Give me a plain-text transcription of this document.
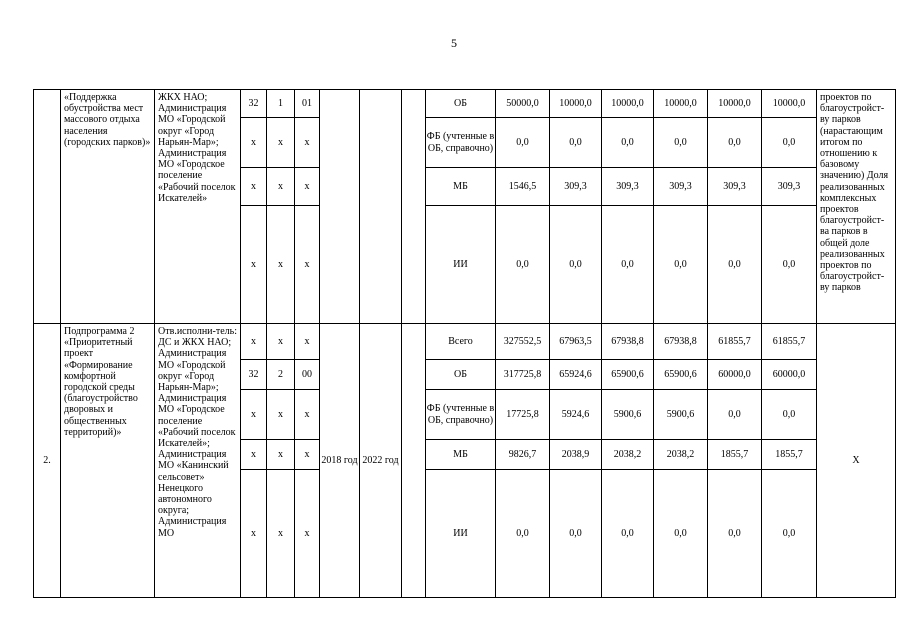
5
	«Поддержка обустройства мест массового отдыха населения (городских парков)»	ЖКХ НАО; Администрация МО «Городской округ «Город Нарьян-Мар»; Администрация МО «Городское поселение «Рабочий поселок Искателей»	32	1	01				ОБ	50000,0	10000,0	10000,0	10000,0	10000,0	10000,0	проектов по благоустройст-ву парков (нарастающим итогом по отношению к базовому значению) Доля реализованных комплексных проектов благоустройст-ва парков в общей доле реализованных проектов по благоустройст-ву парков
			x	x	x				ФБ (учтенные в ОБ, справочно)	0,0	0,0	0,0	0,0	0,0	0,0	
			x	x	x				МБ	1546,5	309,3	309,3	309,3	309,3	309,3	
			x	x	x				ИИ	0,0	0,0	0,0	0,0	0,0	0,0	
2.	Подпрограмма 2 «Приоритетный проект «Формирование комфортной городской среды (благоустройство дворовых и общественных территорий)»	Отв.исполни-тель: ДС и ЖКХ НАО; Администрация МО «Городской округ «Город Нарьян-Мар»; Администрация МО «Городское поселение «Рабочий поселок Искателей»; Администрация МО «Канинский сельсовет» Ненецкого автономного округа; Администрация МО	x	x	x	2018 год	2022 год		Всего	327552,5	67963,5	67938,8	67938,8	61855,7	61855,7	X
			32	2	00				ОБ	317725,8	65924,6	65900,6	65900,6	60000,0	60000,0	
			x	x	x				ФБ (учтенные в ОБ, справочно)	17725,8	5924,6	5900,6	5900,6	0,0	0,0	
			x	x	x				МБ	9826,7	2038,9	2038,2	2038,2	1855,7	1855,7	
			x	x	x				ИИ	0,0	0,0	0,0	0,0	0,0	0,0	
